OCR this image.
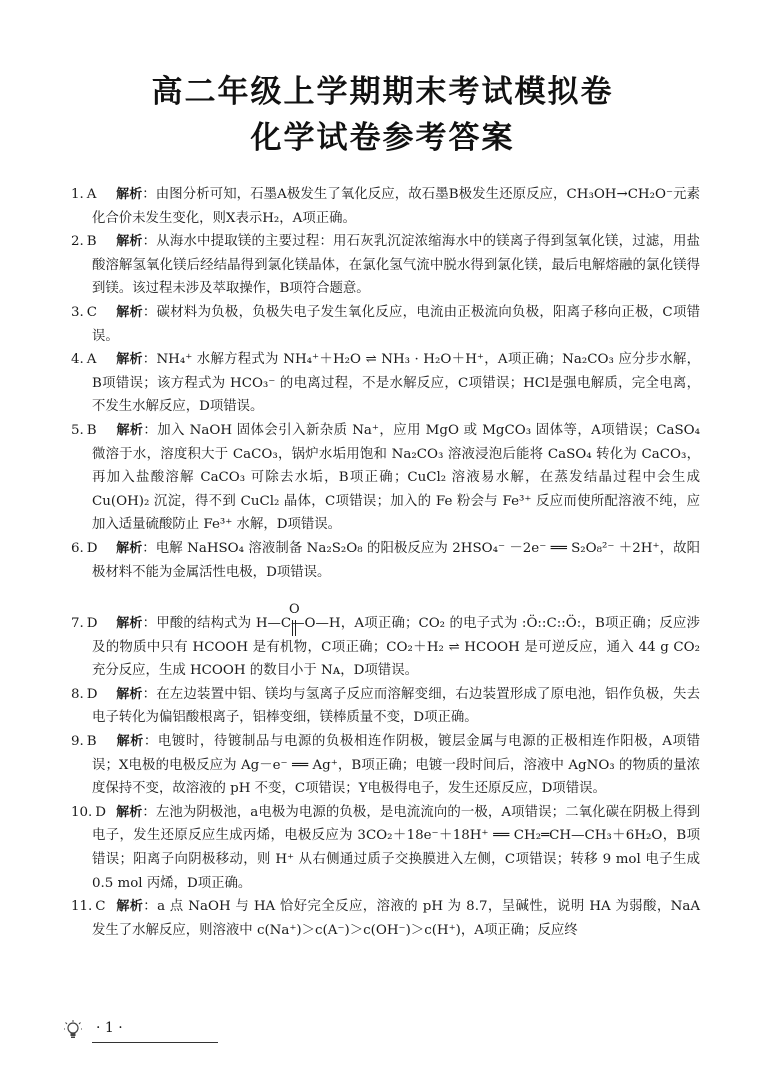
高二年级上学期期末考试模拟卷
化学试卷参考答案
1. A 解析：由图分析可知，石墨A极发生了氧化反应，故石墨B极发生还原反应，CH₃OH→CH₂O⁻元素化合价未发生变化，则X表示H₂，A项正确。
2. B 解析：从海水中提取镁的主要过程：用石灰乳沉淀浓缩海水中的镁离子得到氢氧化镁，过滤，用盐酸溶解氢氧化镁后经结晶得到氯化镁晶体，在氯化氢气流中脱水得到氯化镁，最后电解熔融的氯化镁得到镁。该过程未涉及萃取操作，B项符合题意。
3. C 解析：碳材料为负极，负极失电子发生氧化反应，电流由正极流向负极，阳离子移向正极，C项错误。
4. A 解析：NH₄⁺ 水解方程式为 NH₄⁺＋H₂O ⇌ NH₃ · H₂O＋H⁺，A项正确；Na₂CO₃ 应分步水解，B项错误；该方程式为 HCO₃⁻ 的电离过程，不是水解反应，C项错误；HCl是强电解质，完全电离，不发生水解反应，D项错误。
5. B 解析：加入 NaOH 固体会引入新杂质 Na⁺，应用 MgO 或 MgCO₃ 固体等，A项错误；CaSO₄ 微溶于水，溶度积大于 CaCO₃，锅炉水垢用饱和 Na₂CO₃ 溶液浸泡后能将 CaSO₄ 转化为 CaCO₃，再加入盐酸溶解 CaCO₃ 可除去水垢，B项正确；CuCl₂ 溶液易水解，在蒸发结晶过程中会生成 Cu(OH)₂ 沉淀，得不到 CuCl₂ 晶体，C项错误；加入的 Fe 粉会与 Fe³⁺ 反应而使所配溶液不纯，应加入适量硫酸防止 Fe³⁺ 水解，D项错误。
6. D 解析：电解 NaHSO₄ 溶液制备 Na₂S₂O₈ 的阳极反应为 2HSO₄⁻ －2e⁻ ══ S₂O₈²⁻ ＋2H⁺，故阳极材料不能为金属活性电极，D项错误。
7. D 解析：甲酸的结构式为 H—C—O—H，A项正确；CO₂ 的电子式为 :Ö::C::Ö:，B项正确；反应涉及的物质中只有 HCOOH 是有机物，C项正确；CO₂＋H₂ ⇌ HCOOH 是可逆反应，通入 44 g CO₂ 充分反应，生成 HCOOH 的数目小于 Nᴀ，D项错误。
8. D 解析：在左边装置中铝、镁均与氢离子反应而溶解变细，右边装置形成了原电池，铝作负极，失去电子转化为偏铝酸根离子，铝棒变细，镁棒质量不变，D项正确。
9. B 解析：电镀时，待镀制品与电源的负极相连作阴极，镀层金属与电源的正极相连作阳极，A项错误；X电极的电极反应为 Ag－e⁻ ══ Ag⁺，B项正确；电镀一段时间后，溶液中 AgNO₃ 的物质的量浓度保持不变，故溶液的 pH 不变，C项错误；Y电极得电子，发生还原反应，D项错误。
10. D 解析：左池为阴极池，a电极为电源的负极，是电流流向的一极，A项错误；二氧化碳在阴极上得到电子，发生还原反应生成丙烯，电极反应为 3CO₂＋18e⁻＋18H⁺ ══ CH₂═CH—CH₃＋6H₂O，B项错误；阳离子向阴极移动，则 H⁺ 从右侧通过质子交换膜进入左侧，C项错误；转移 9 mol 电子生成 0.5 mol 丙烯，D项正确。
11. C 解析：a 点 NaOH 与 HA 恰好完全反应，溶液的 pH 为 8.7，呈碱性，说明 HA 为弱酸，NaA 发生了水解反应，则溶液中 c(Na⁺)＞c(A⁻)＞c(OH⁻)＞c(H⁺)，A项正确；反应终
O
· 1 ·
